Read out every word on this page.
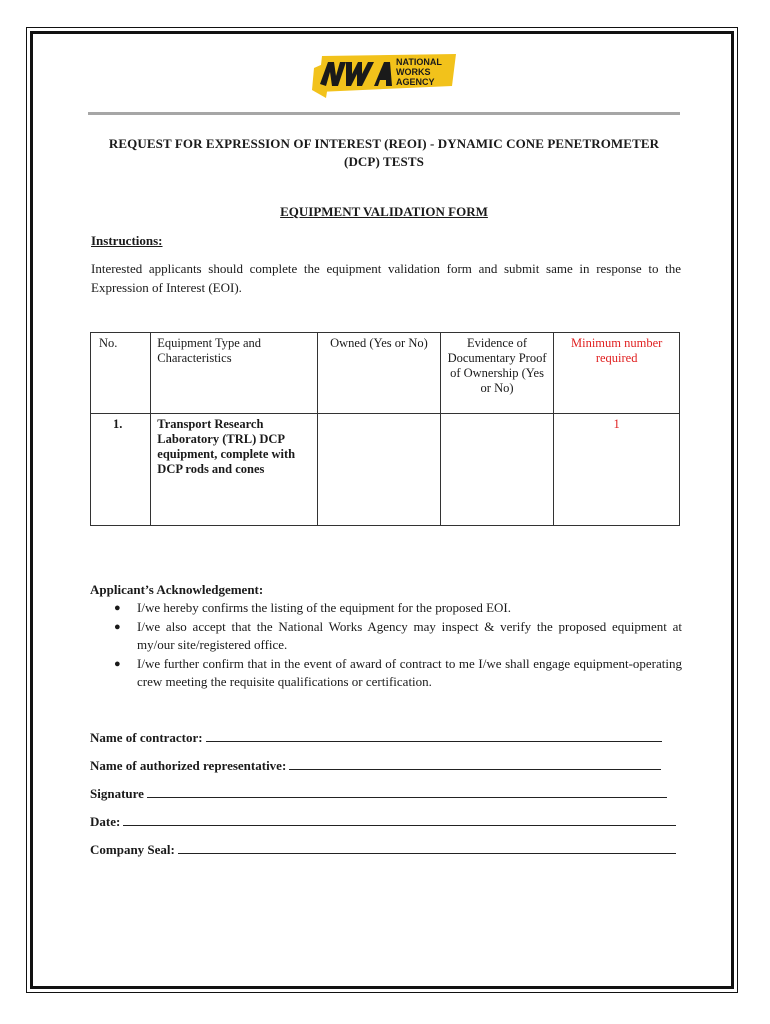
NATIONAL
WORKS
AGENCY
REQUEST FOR EXPRESSION OF INTEREST (REOI) - DYNAMIC CONE PENETROMETER
(DCP) TESTS
EQUIPMENT VALIDATION FORM
Instructions:
Interested applicants should complete the equipment validation form and submit same in response to the Expression of Interest (EOI).
No.	Equipment Type and Characteristics	Owned (Yes or No)	Evidence of Documentary Proof of Ownership (Yes or No)	Minimum number required
1.	Transport Research Laboratory (TRL) DCP equipment, complete with DCP rods and cones			1
Applicant’s Acknowledgement:
● I/we hereby confirms the listing of the equipment for the proposed EOI.
● I/we also accept that the National Works Agency may inspect & verify the proposed equipment at my/our site/registered office.
● I/we further confirm that in the event of award of contract to me I/we shall engage equipment-operating crew meeting the requisite qualifications or certification.
Name of contractor:
Name of authorized representative:
Signature
Date:
Company Seal:
